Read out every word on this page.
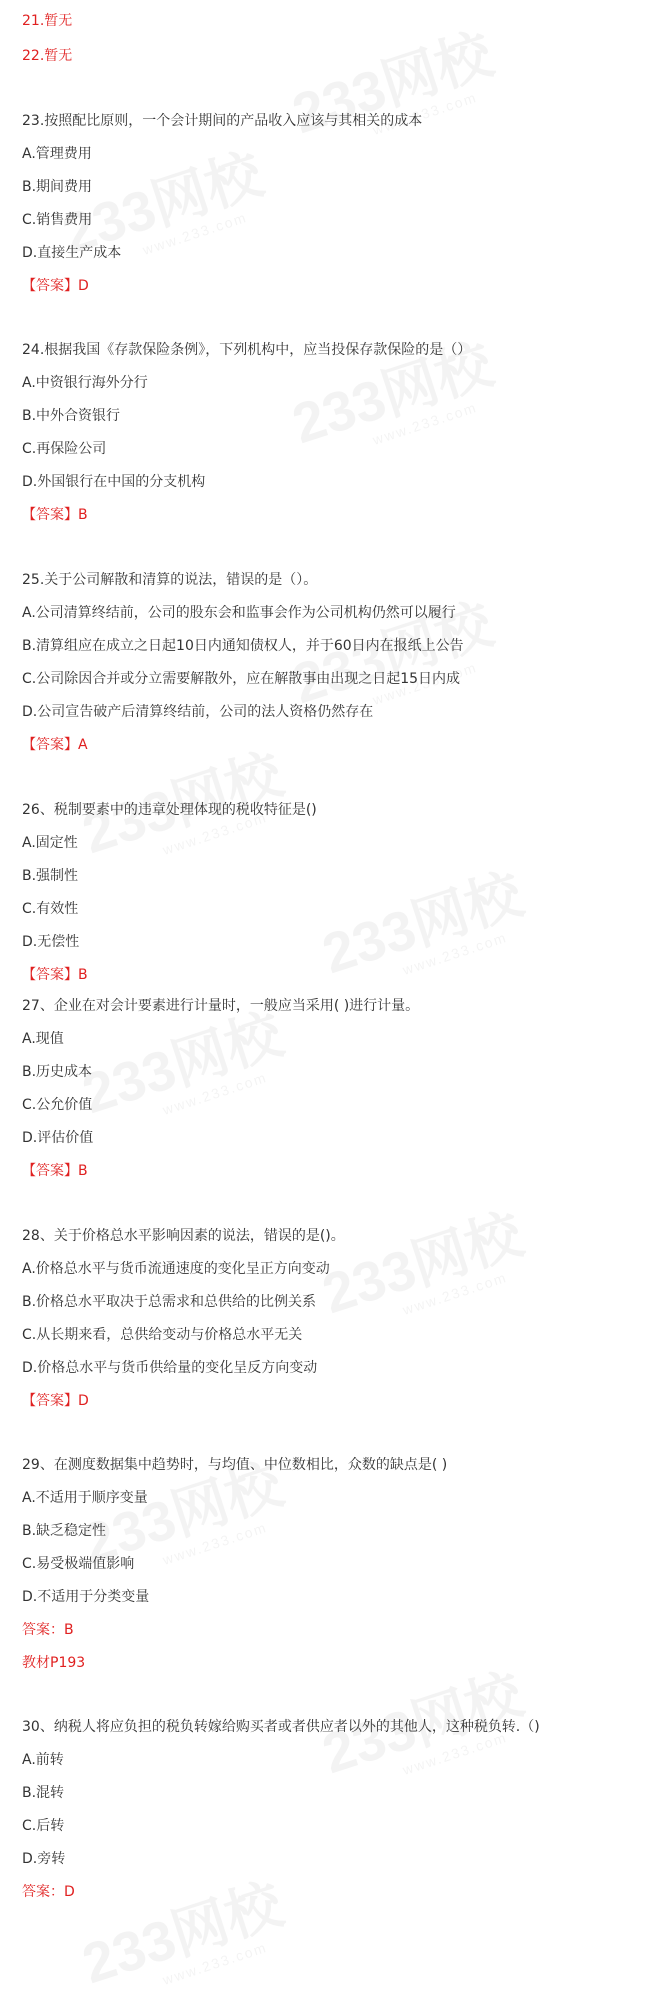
21.暂无
22.暂无
23.按照配比原则，一个会计期间的产品收入应该与其相关的成本
A.管理费用
B.期间费用
C.销售费用
D.直接生产成本
【答案】D
24.根据我国《存款保险条例》，下列机构中，应当投保存款保险的是（）
A.中资银行海外分行
B.中外合资银行
C.再保险公司
D.外国银行在中国的分支机构
【答案】B
25.关于公司解散和清算的说法，错误的是（）。
A.公司清算终结前，公司的股东会和监事会作为公司机构仍然可以履行
B.清算组应在成立之日起10日内通知债权人，并于60日内在报纸上公告
C.公司除因合并或分立需要解散外，应在解散事由出现之日起15日内成
D.公司宣告破产后清算终结前，公司的法人资格仍然存在
【答案】A
26、税制要素中的违章处理体现的税收特征是()
A.固定性
B.强制性
C.有效性
D.无偿性
【答案】B
27、企业在对会计要素进行计量时，一般应当采用( )进行计量。
A.现值
B.历史成本
C.公允价值
D.评估价值
【答案】B
28、关于价格总水平影响因素的说法，错误的是()。
A.价格总水平与货币流通速度的变化呈正方向变动
B.价格总水平取决于总需求和总供给的比例关系
C.从长期来看，总供给变动与价格总水平无关
D.价格总水平与货币供给量的变化呈反方向变动
【答案】D
29、在测度数据集中趋势时，与均值、中位数相比，众数的缺点是( )
A.不适用于顺序变量
B.缺乏稳定性
C.易受极端值影响
D.不适用于分类变量
答案：B
教材P193
30、纳税人将应负担的税负转嫁给购买者或者供应者以外的其他人，这种税负转.（)
A.前转
B.混转
C.后转
D.旁转
答案：D
